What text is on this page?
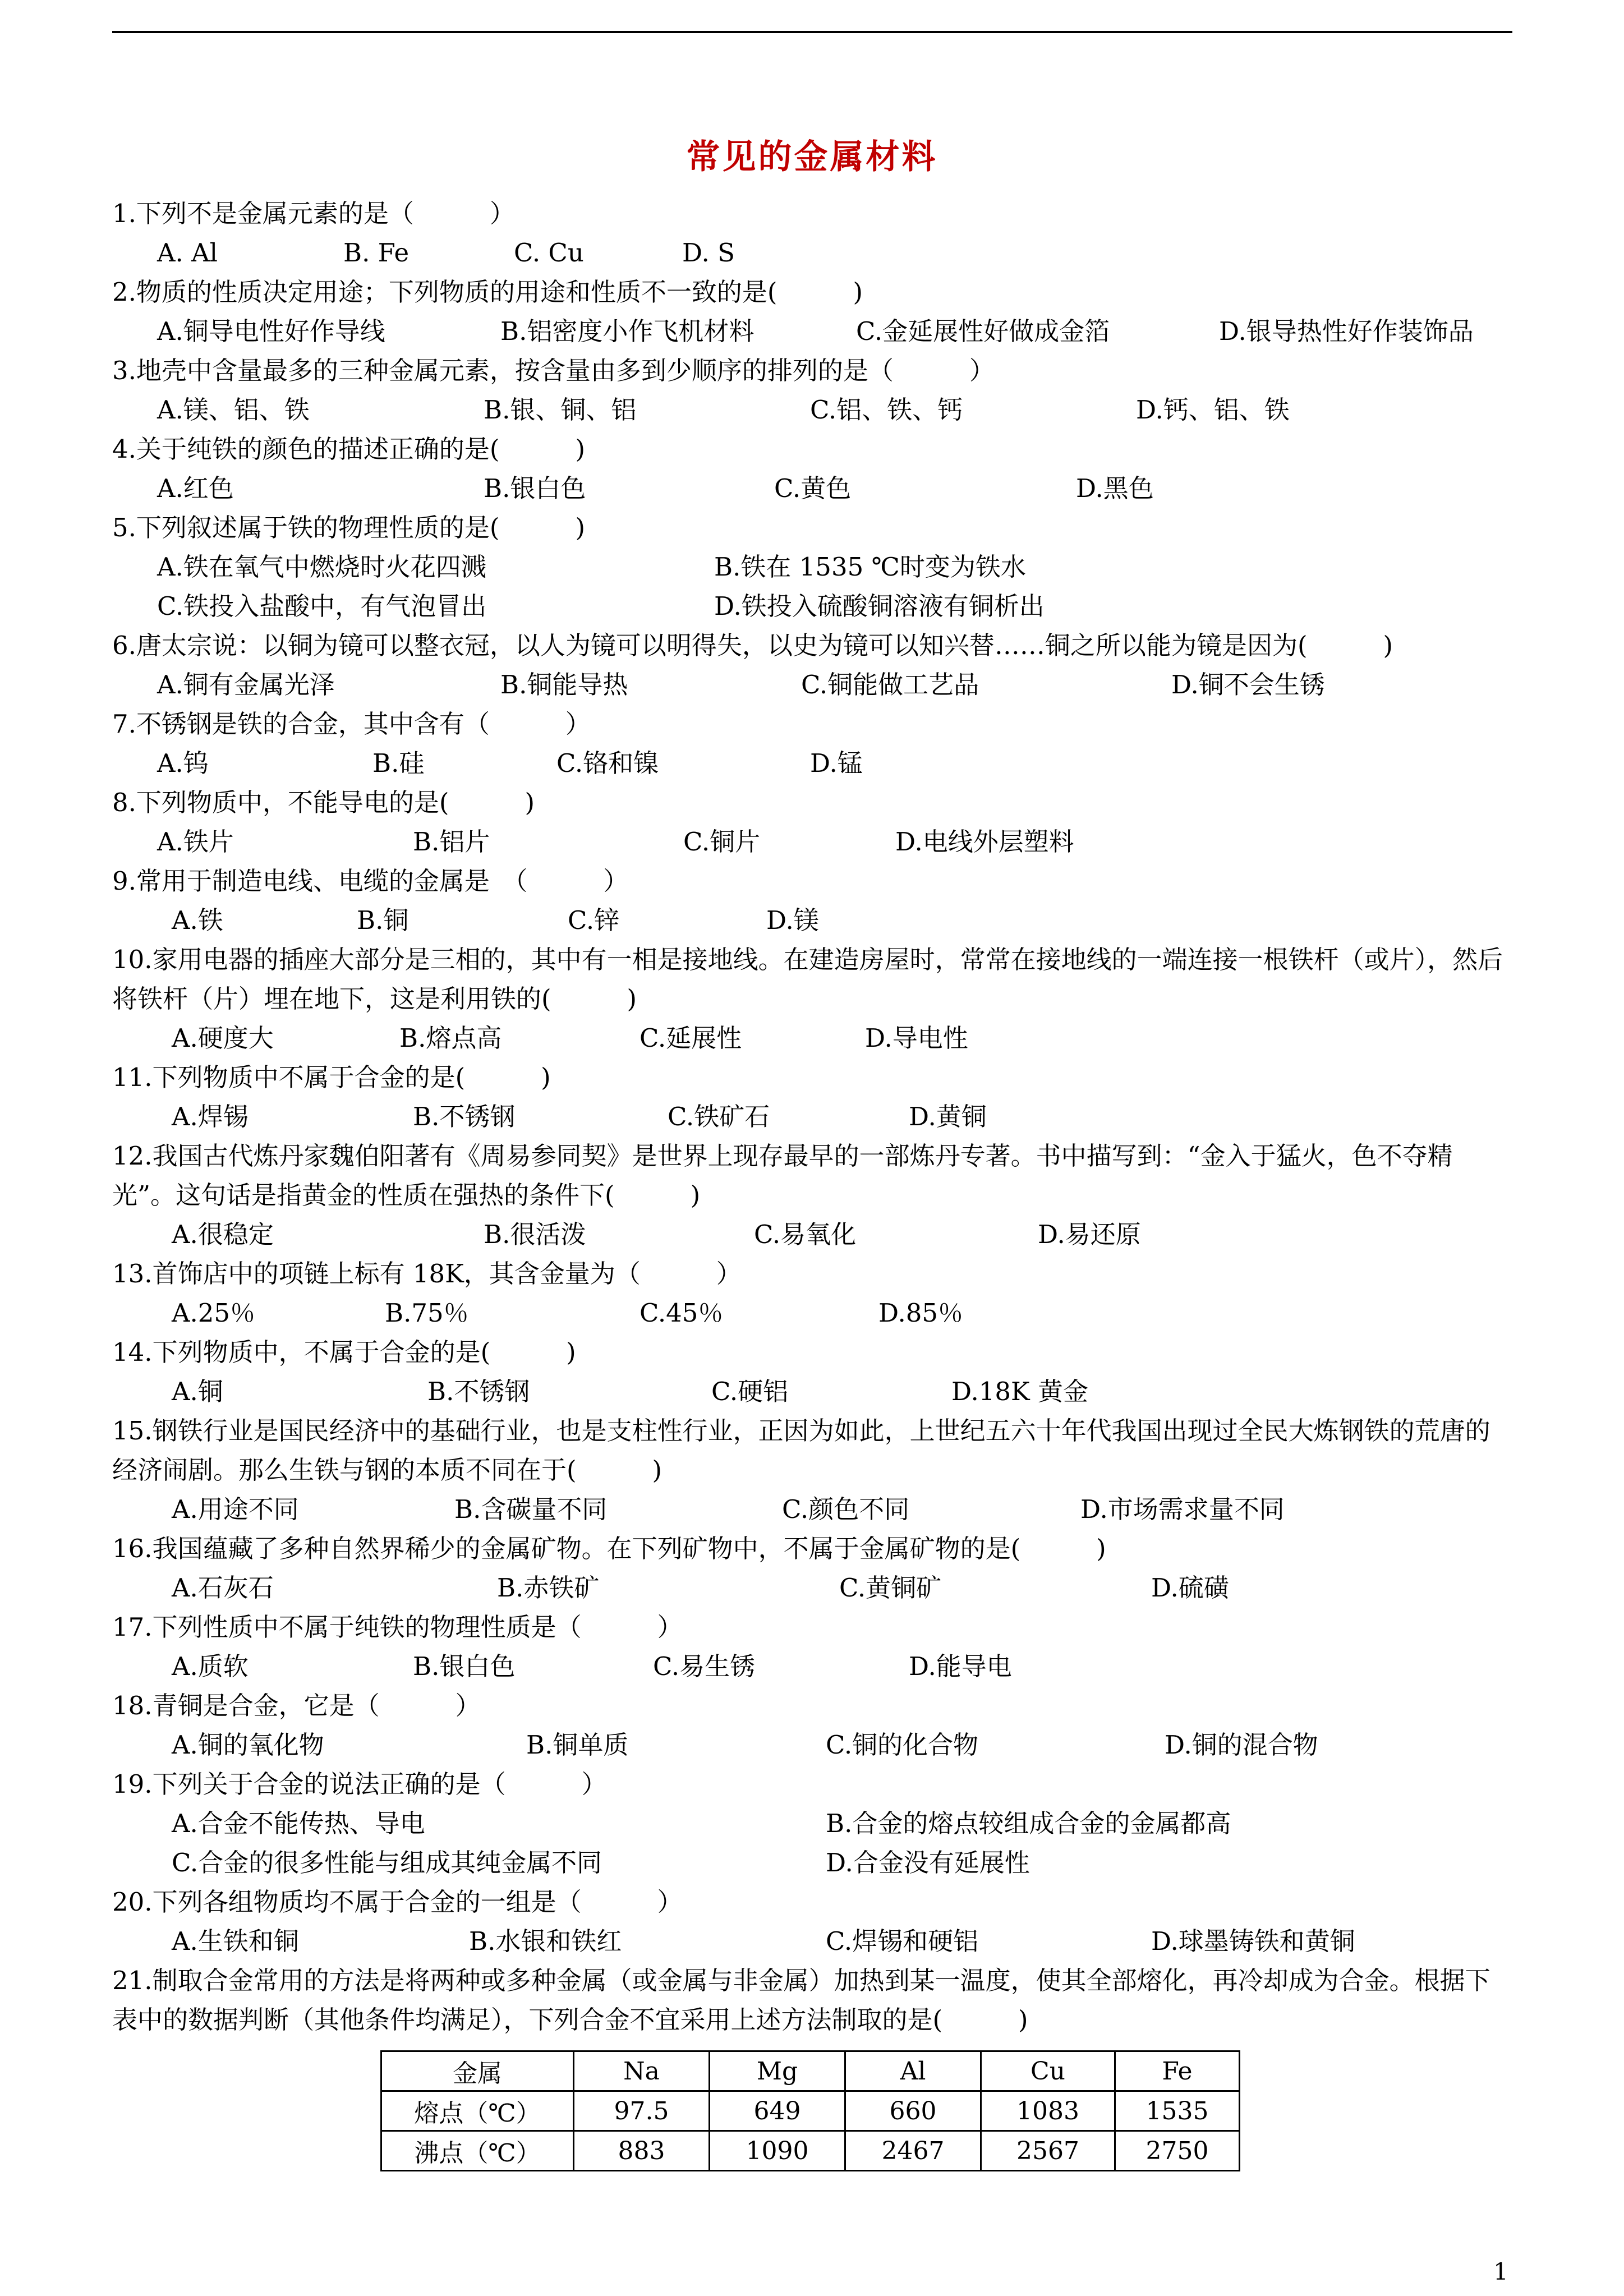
常见的金属材料
1.下列不是金属元素的是（　　　）
A. Al	B. Fe	C. Cu	D. S
2.物质的性质决定用途；下列物质的用途和性质不一致的是(　　　)
A.铜导电性好作导线	B.铝密度小作飞机材料	C.金延展性好做成金箔	D.银导热性好作装饰品
3.地壳中含量最多的三种金属元素，按含量由多到少顺序的排列的是（　　　）
A.镁、铝、铁	B.银、铜、铝	C.铝、铁、钙	D.钙、铝、铁
4.关于纯铁的颜色的描述正确的是(　　　)
A.红色	B.银白色	C.黄色	D.黑色
5.下列叙述属于铁的物理性质的是(　　　)
A.铁在氧气中燃烧时火花四溅	B.铁在 1535 ℃时变为铁水
C.铁投入盐酸中，有气泡冒出	D.铁投入硫酸铜溶液有铜析出
6.唐太宗说：以铜为镜可以整衣冠，以人为镜可以明得失，以史为镜可以知兴替……铜之所以能为镜是因为(　　　)
A.铜有金属光泽	B.铜能导热	C.铜能做工艺品	D.铜不会生锈
7.不锈钢是铁的合金，其中含有（　　　）
A.钨	B.硅	C.铬和镍	D.锰
8.下列物质中，不能导电的是(　　　)
A.铁片	B.铝片	C.铜片	D.电线外层塑料
9.常用于制造电线、电缆的金属是　（　　　）
A.铁	B.铜	C.锌	D.镁
10.家用电器的插座大部分是三相的，其中有一相是接地线。在建造房屋时，常常在接地线的一端连接一根铁杆（或片），然后将铁杆（片）埋在地下，这是利用铁的(　　　)
A.硬度大	B.熔点高	C.延展性	D.导电性
11.下列物质中不属于合金的是(　　　)
A.焊锡	B.不锈钢	C.铁矿石	D.黄铜
12.我国古代炼丹家魏伯阳著有《周易参同契》是世界上现存最早的一部炼丹专著。书中描写到：“金入于猛火，色不夺精光”。这句话是指黄金的性质在强热的条件下(　　　)
A.很稳定	B.很活泼	C.易氧化	D.易还原
13.首饰店中的项链上标有 18K，其含金量为（　　　）
A.25％	B.75％	C.45％	D.85％
14.下列物质中，不属于合金的是(　　　)
A.铜	B.不锈钢	C.硬铝	D.18K 黄金
15.钢铁行业是国民经济中的基础行业，也是支柱性行业，正因为如此，上世纪五六十年代我国出现过全民大炼钢铁的荒唐的经济闹剧。那么生铁与钢的本质不同在于(　　　)
A.用途不同	B.含碳量不同	C.颜色不同	D.市场需求量不同
16.我国蕴藏了多种自然界稀少的金属矿物。在下列矿物中，不属于金属矿物的是(　　　)
A.石灰石	B.赤铁矿	C.黄铜矿	D.硫磺
17.下列性质中不属于纯铁的物理性质是（　　　）
A.质软	B.银白色	C.易生锈	D.能导电
18.青铜是合金，它是（　　　）
A.铜的氧化物	B.铜单质	C.铜的化合物	D.铜的混合物
19.下列关于合金的说法正确的是（　　　）
A.合金不能传热、导电	B.合金的熔点较组成合金的金属都高
C.合金的很多性能与组成其纯金属不同	D.合金没有延展性
20.下列各组物质均不属于合金的一组是（　　　）
A.生铁和铜	B.水银和铁红	C.焊锡和硬铝	D.球墨铸铁和黄铜
21.制取合金常用的方法是将两种或多种金属（或金属与非金属）加热到某一温度，使其全部熔化，再冷却成为合金。根据下表中的数据判断（其他条件均满足），下列合金不宜采用上述方法制取的是(　　　)
金属	Na	Mg	Al	Cu	Fe
熔点（℃）	97.5	649	660	1083	1535
沸点（℃）	883	1090	2467	2567	2750
1
